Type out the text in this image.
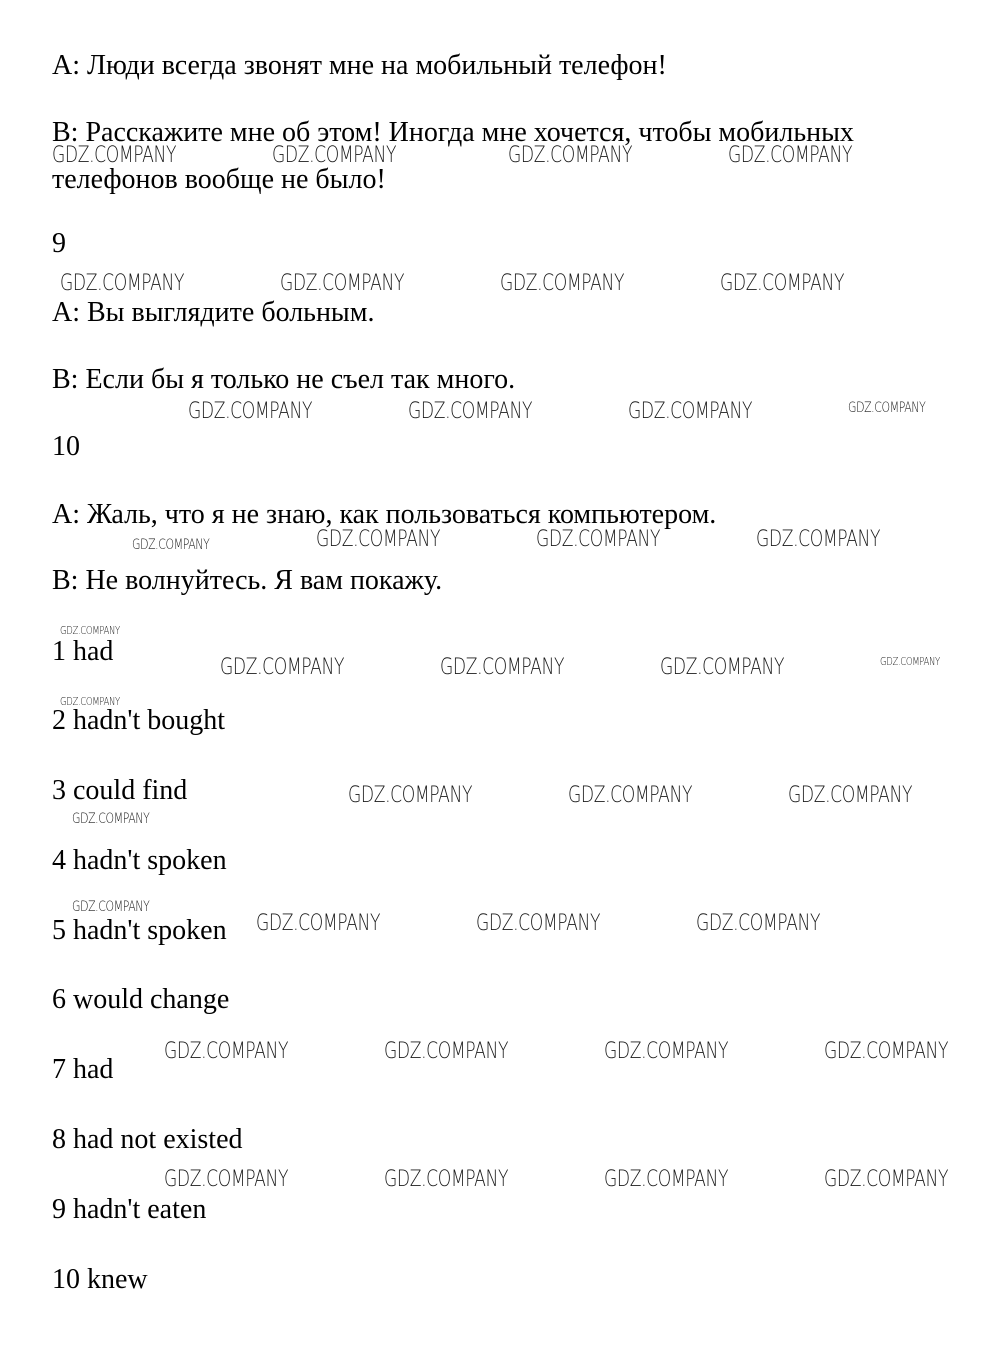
A: Люди всегда звонят мне на мобильный телефон!

B: Расскажите мне об этом! Иногда мне хочется, чтобы мобильных

телефонов вообще не было!

9

A: Вы выглядите больным.

B: Если бы я только не съел так много.

10

A: Жаль, что я не знаю, как пользоваться компьютером.

B: Не волнуйтесь. Я вам покажу.

1 had

2 hadn't bought

3 could find

4 hadn't spoken

5 hadn't spoken

6 would change

7 had

8 had not existed

9 hadn't eaten

10 knew

GDZ.COMPANY	GDZ.COMPANY	GDZ.COMPANY	GDZ.COMPANY
GDZ.COMPANY	GDZ.COMPANY	GDZ.COMPANY	GDZ.COMPANY
GDZ.COMPANY	GDZ.COMPANY	GDZ.COMPANY	GDZ.COMPANY
GDZ.COMPANY	GDZ.COMPANY	GDZ.COMPANY	GDZ.COMPANY
GDZ.COMPANY
GDZ.COMPANY	GDZ.COMPANY	GDZ.COMPANY	GDZ.COMPANY
GDZ.COMPANY
GDZ.COMPANY	GDZ.COMPANY	GDZ.COMPANY
GDZ.COMPANY
GDZ.COMPANY
GDZ.COMPANY	GDZ.COMPANY	GDZ.COMPANY
GDZ.COMPANY	GDZ.COMPANY	GDZ.COMPANY	GDZ.COMPANY
GDZ.COMPANY	GDZ.COMPANY	GDZ.COMPANY	GDZ.COMPANY
